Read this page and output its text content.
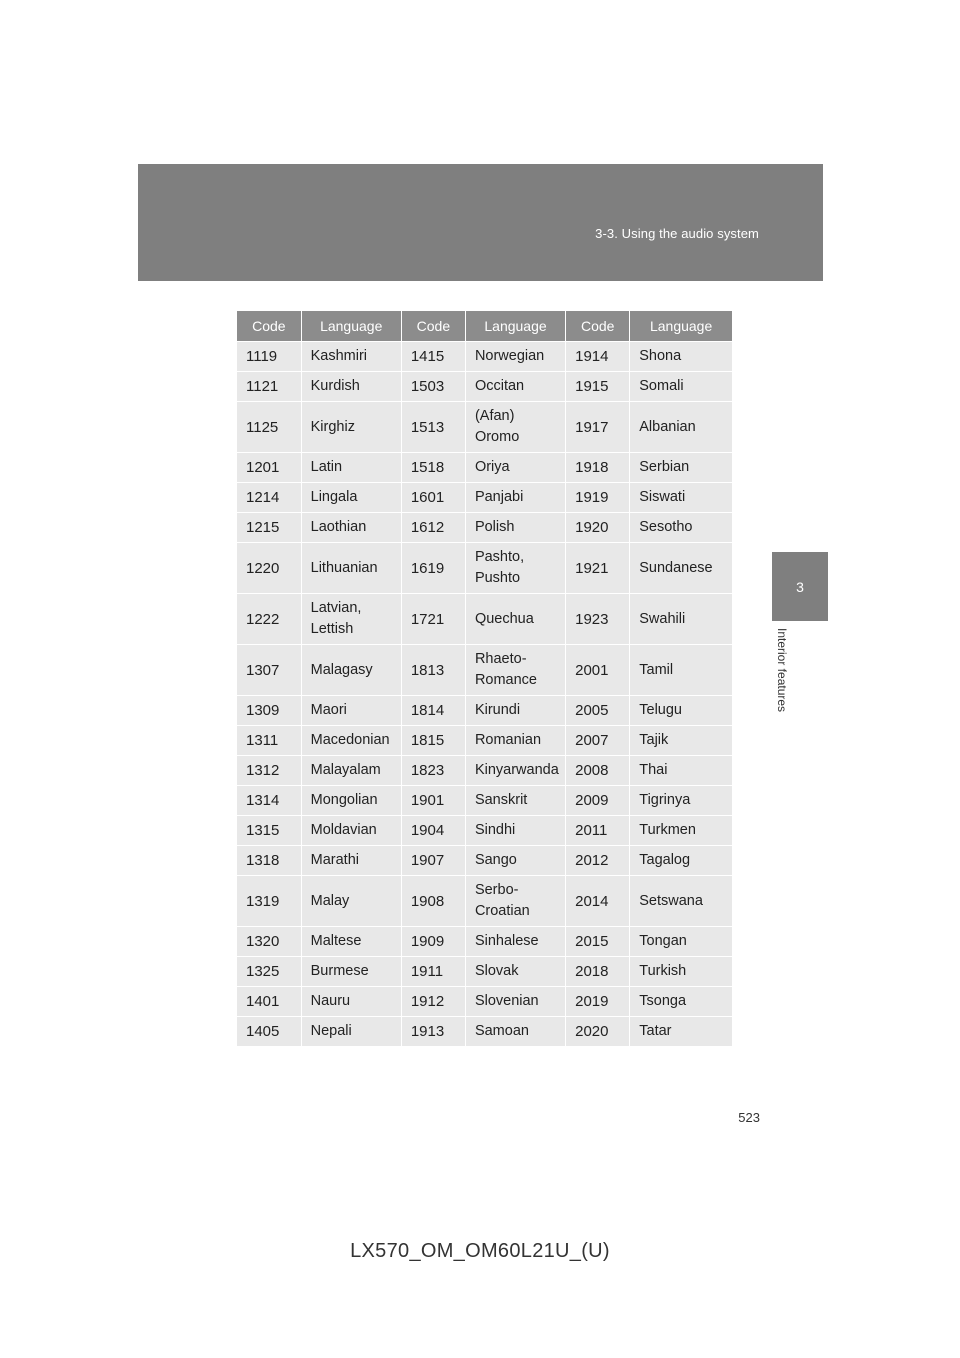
3-3. Using the audio system
3
Interior features
Code	Language	Code	Language	Code	Language
1119	Kashmiri	1415	Norwegian	1914	Shona
1121	Kurdish	1503	Occitan	1915	Somali
1125	Kirghiz	1513	(Afan)
Oromo	1917	Albanian
1201	Latin	1518	Oriya	1918	Serbian
1214	Lingala	1601	Panjabi	1919	Siswati
1215	Laothian	1612	Polish	1920	Sesotho
1220	Lithuanian	1619	Pashto,
Pushto	1921	Sundanese
1222	Latvian,
Lettish	1721	Quechua	1923	Swahili
1307	Malagasy	1813	Rhaeto-
Romance	2001	Tamil
1309	Maori	1814	Kirundi	2005	Telugu
1311	Macedonian	1815	Romanian	2007	Tajik
1312	Malayalam	1823	Kinyarwanda	2008	Thai
1314	Mongolian	1901	Sanskrit	2009	Tigrinya
1315	Moldavian	1904	Sindhi	2011	Turkmen
1318	Marathi	1907	Sango	2012	Tagalog
1319	Malay	1908	Serbo-
Croatian	2014	Setswana
1320	Maltese	1909	Sinhalese	2015	Tongan
1325	Burmese	1911	Slovak	2018	Turkish
1401	Nauru	1912	Slovenian	2019	Tsonga
1405	Nepali	1913	Samoan	2020	Tatar
523
LX570_OM_OM60L21U_(U)
